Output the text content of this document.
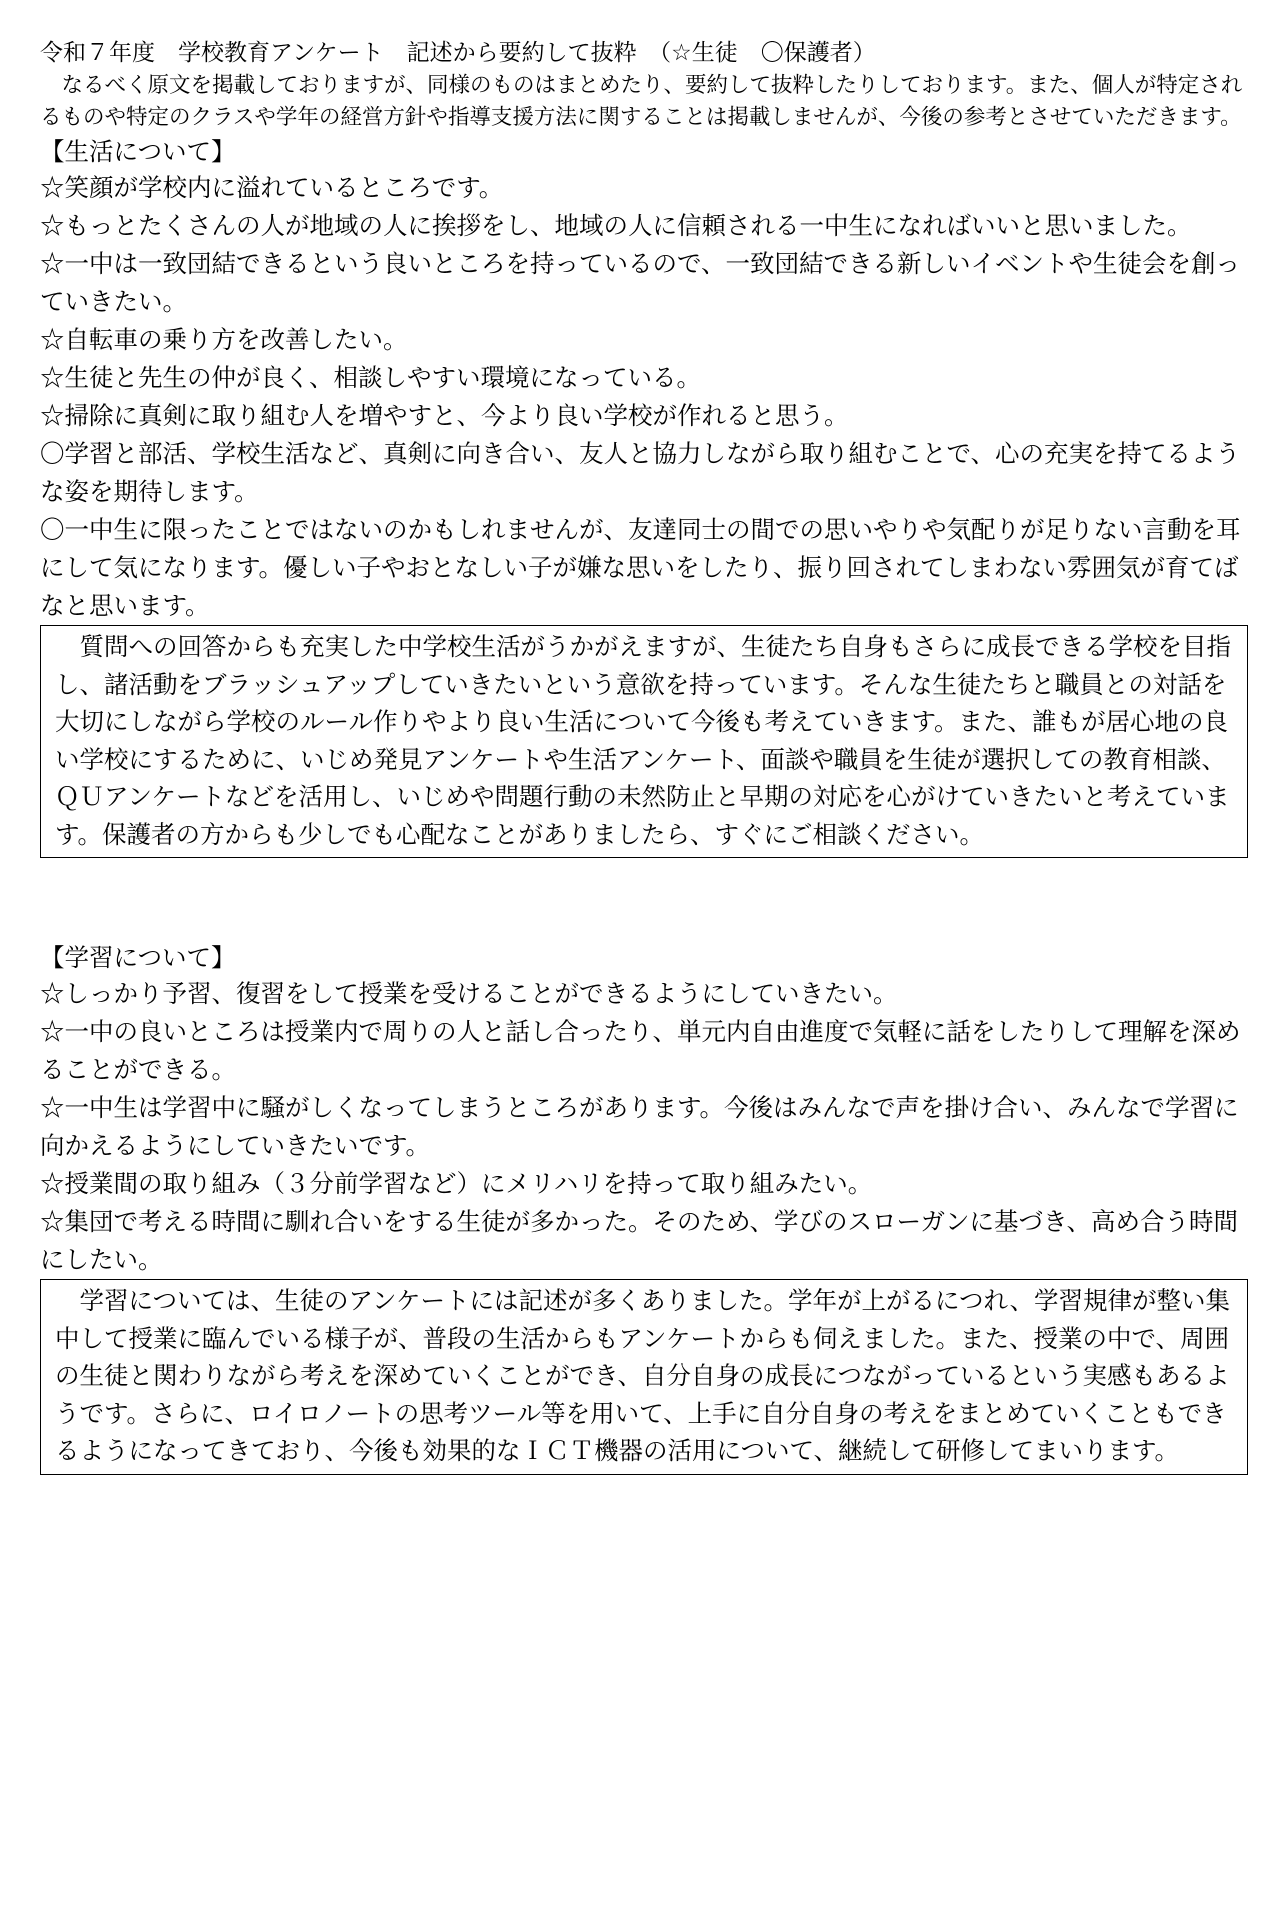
令和７年度　学校教育アンケート　記述から要約して抜粋　（☆生徒　〇保護者）

なるべく原文を掲載しておりますが、同様のものはまとめたり、要約して抜粋したりしております。また、個人が特定されるものや特定のクラスや学年の経営方針や指導支援方法に関することは掲載しませんが、今後の参考とさせていただきます。

【生活について】

☆笑顔が学校内に溢れているところです。

☆もっとたくさんの人が地域の人に挨拶をし、地域の人に信頼される一中生になればいいと思いました。

☆一中は一致団結できるという良いところを持っているので、一致団結できる新しいイベントや生徒会を創っていきたい。

☆自転車の乗り方を改善したい。

☆生徒と先生の仲が良く、相談しやすい環境になっている。

☆掃除に真剣に取り組む人を増やすと、今より良い学校が作れると思う。

〇学習と部活、学校生活など、真剣に向き合い、友人と協力しながら取り組むことで、心の充実を持てるような姿を期待します。

〇一中生に限ったことではないのかもしれませんが、友達同士の間での思いやりや気配りが足りない言動を耳にして気になります。優しい子やおとなしい子が嫌な思いをしたり、振り回されてしまわない雰囲気が育てばなと思います。

質問への回答からも充実した中学校生活がうかがえますが、生徒たち自身もさらに成長できる学校を目指し、諸活動をブラッシュアップしていきたいという意欲を持っています。そんな生徒たちと職員との対話を大切にしながら学校のルール作りやより良い生活について今後も考えていきます。また、誰もが居心地の良い学校にするために、いじめ発見アンケートや生活アンケート、面談や職員を生徒が選択しての教育相談、ＱＵアンケートなどを活用し、いじめや問題行動の未然防止と早期の対応を心がけていきたいと考えています。保護者の方からも少しでも心配なことがありましたら、すぐにご相談ください。

【学習について】

☆しっかり予習、復習をして授業を受けることができるようにしていきたい。

☆一中の良いところは授業内で周りの人と話し合ったり、単元内自由進度で気軽に話をしたりして理解を深めることができる。

☆一中生は学習中に騒がしくなってしまうところがあります。今後はみんなで声を掛け合い、みんなで学習に向かえるようにしていきたいです。

☆授業間の取り組み（３分前学習など）にメリハリを持って取り組みたい。

☆集団で考える時間に馴れ合いをする生徒が多かった。そのため、学びのスローガンに基づき、高め合う時間にしたい。

学習については、生徒のアンケートには記述が多くありました。学年が上がるにつれ、学習規律が整い集中して授業に臨んでいる様子が、普段の生活からもアンケートからも伺えました。また、授業の中で、周囲の生徒と関わりながら考えを深めていくことができ、自分自身の成長につながっているという実感もあるようです。さらに、ロイロノートの思考ツール等を用いて、上手に自分自身の考えをまとめていくこともできるようになってきており、今後も効果的なＩＣＴ機器の活用について、継続して研修してまいります。
